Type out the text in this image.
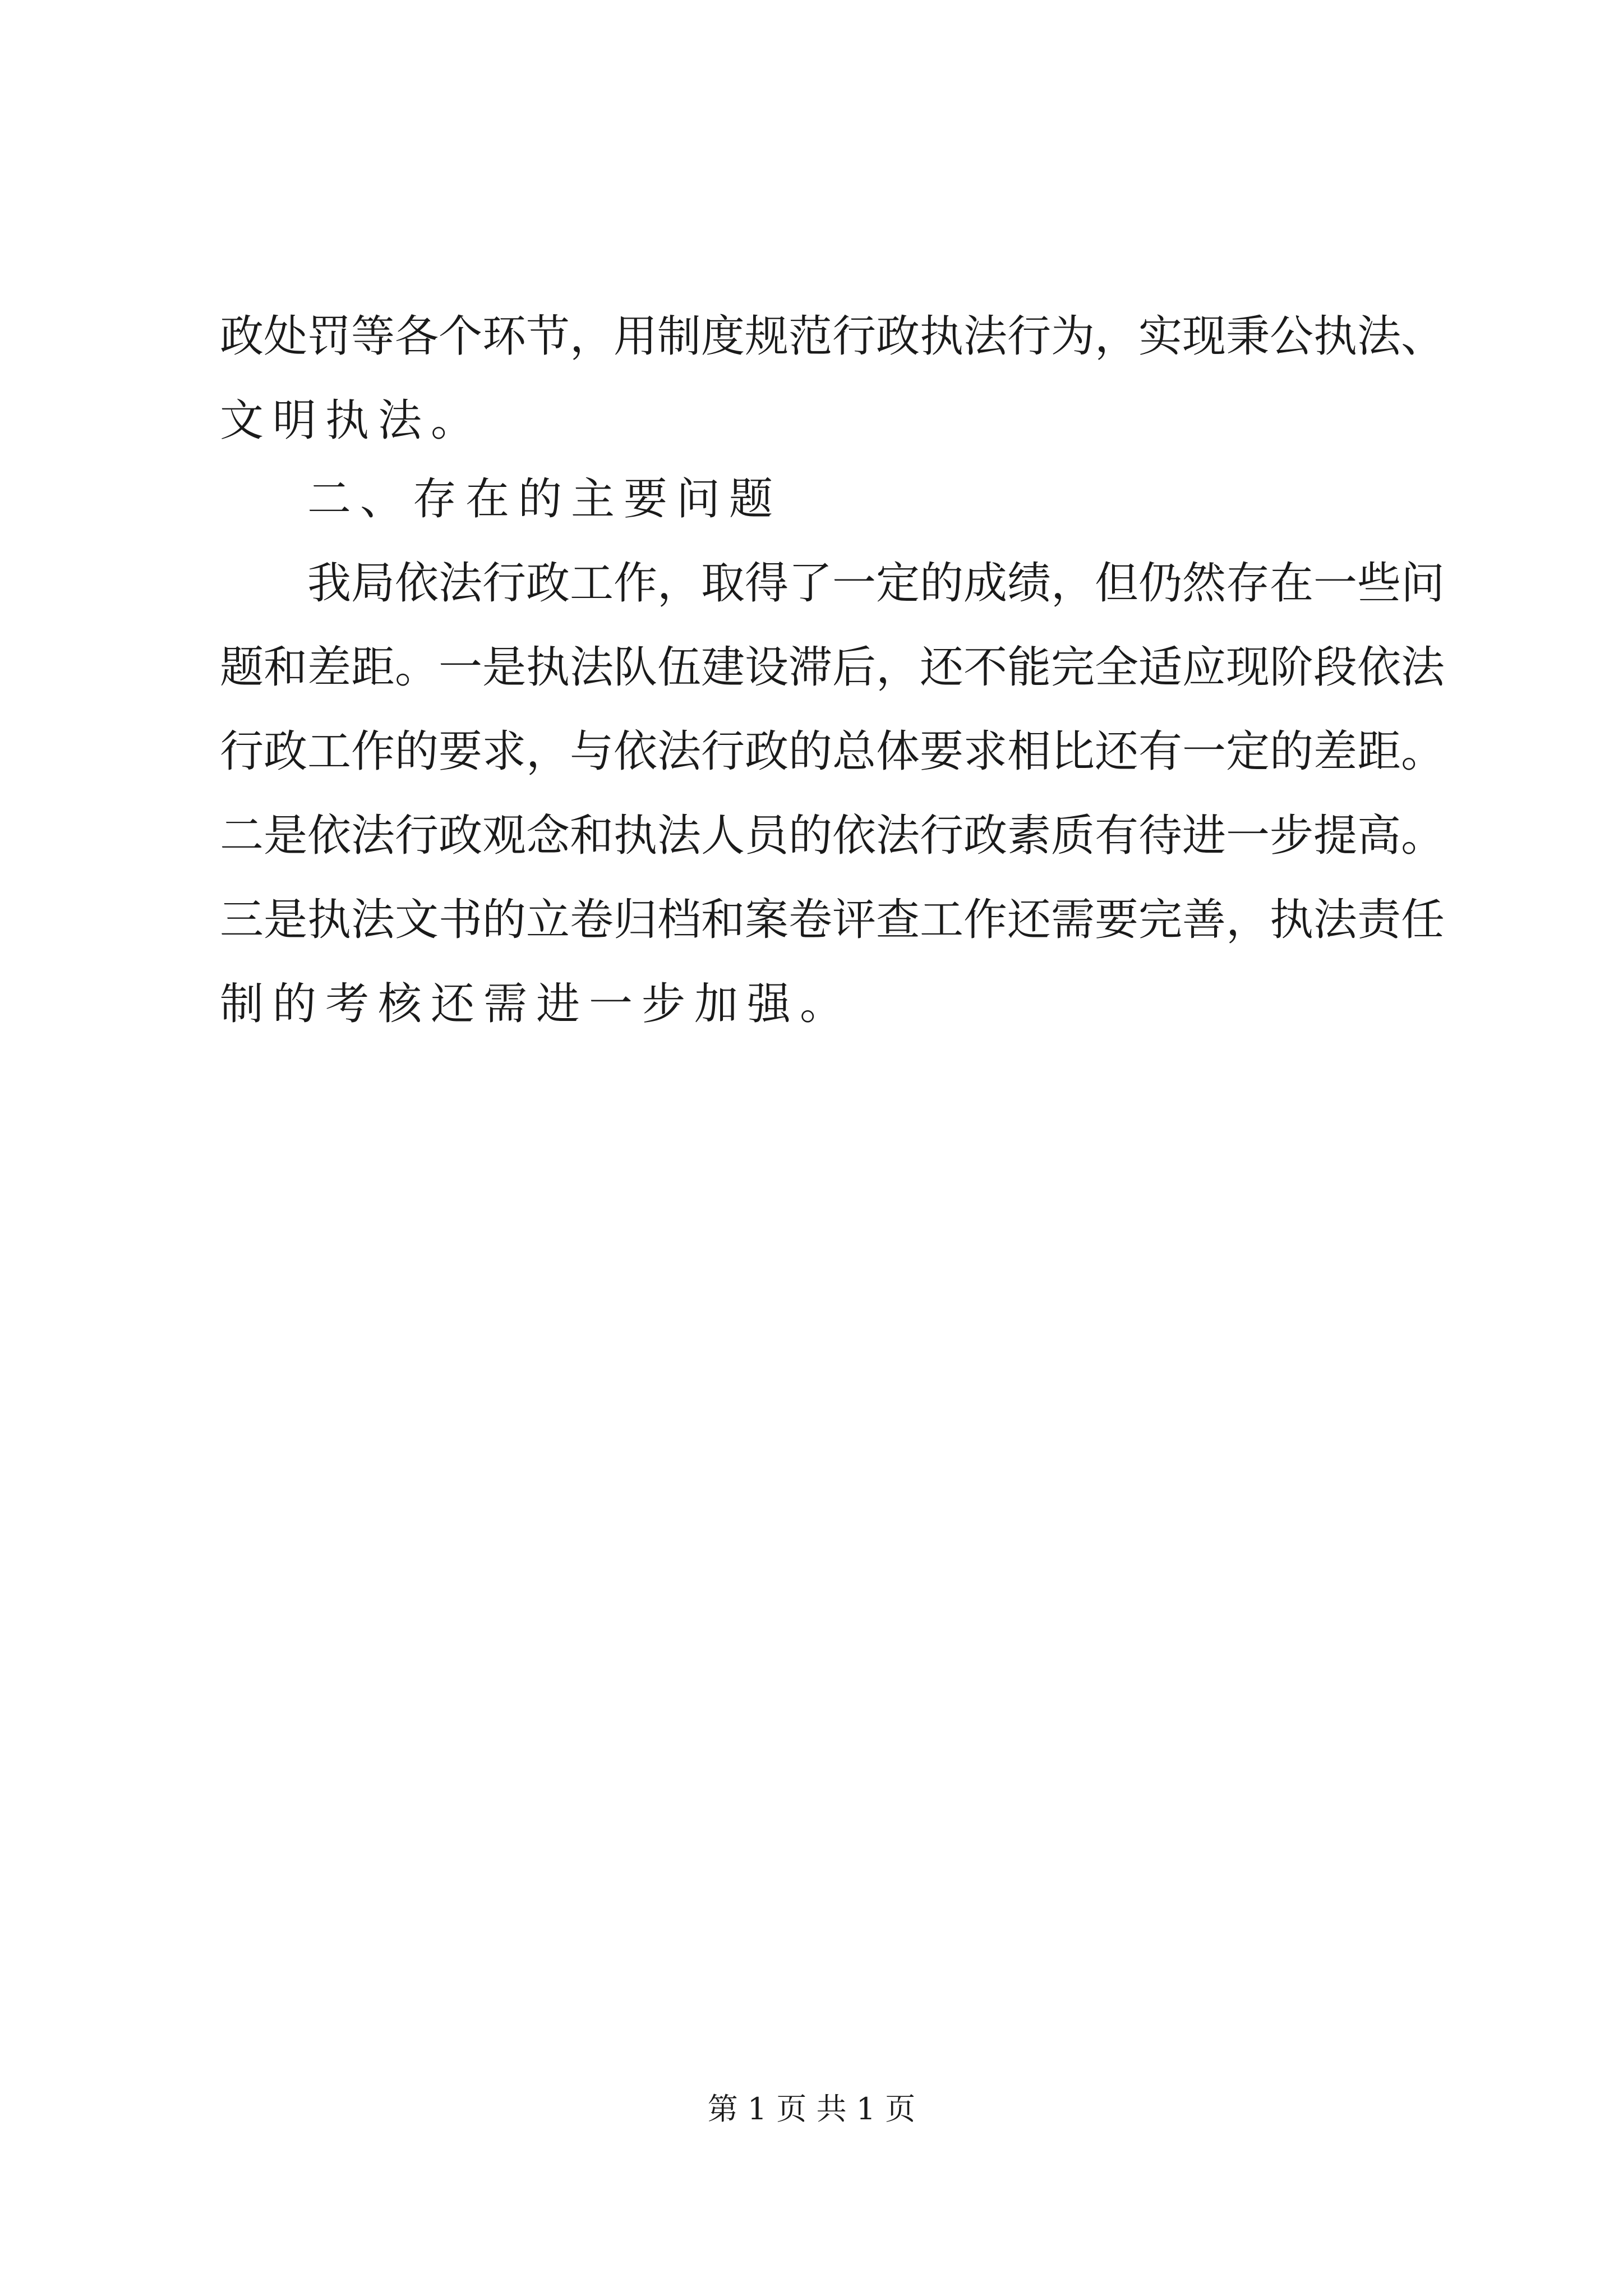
政处罚等各个环节，用制度规范行政执法行为，实现秉公执法、

文明执法。

二、存在的主要问题

我局依法行政工作，取得了一定的成绩，但仍然存在一些问

题和差距。一是执法队伍建设滞后，还不能完全适应现阶段依法

行政工作的要求，与依法行政的总体要求相比还有一定的差距。

二是依法行政观念和执法人员的依法行政素质有待进一步提高。

三是执法文书的立卷归档和案卷评查工作还需要完善，执法责任

制的考核还需进一步加强。

第 1 页 共 1 页
